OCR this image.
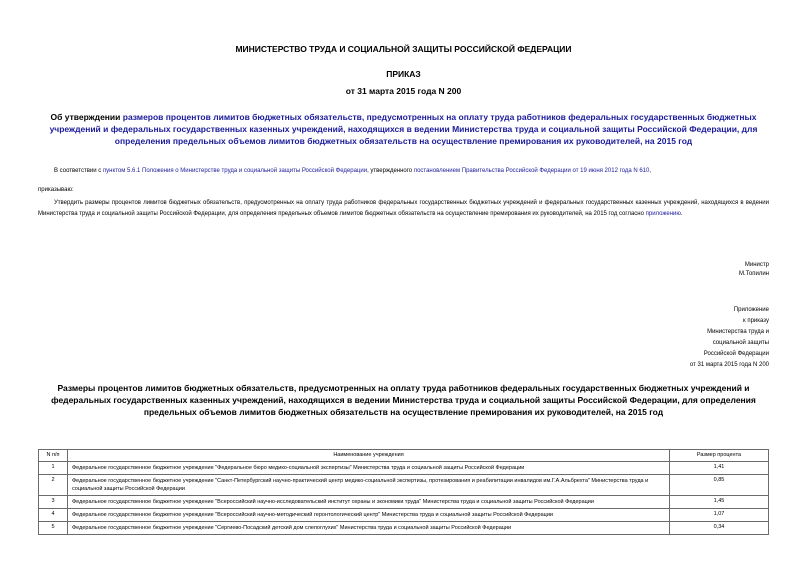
МИНИСТЕРСТВО ТРУДА И СОЦИАЛЬНОЙ ЗАЩИТЫ РОССИЙСКОЙ ФЕДЕРАЦИИ
ПРИКАЗ
от 31 марта 2015 года N 200
Об утверждении размеров процентов лимитов бюджетных обязательств, предусмотренных на оплату труда работников федеральных государственных бюджетных учреждений и федеральных государственных казенных учреждений, находящихся в ведении Министерства труда и социальной защиты Российской Федерации, для определения предельных объемов лимитов бюджетных обязательств на осуществление премирования их руководителей, на 2015 год
В соответствии с пунктом 5.6.1 Положения о Министерстве труда и социальной защиты Российской Федерации, утвержденного постановлением Правительства Российской Федерации от 19 июня 2012 года N 610,
приказываю:
Утвердить размеры процентов лимитов бюджетных обязательств, предусмотренных на оплату труда работников федеральных государственных бюджетных учреждений и федеральных государственных казенных учреждений, находящихся в ведении Министерства труда и социальной защиты Российской Федерации, для определения предельных объемов лимитов бюджетных обязательств на осуществление премирования их руководителей, на 2015 год согласно приложению.
Министр
М.Топилин
Приложение
к приказу
Министерства труда и
социальной защиты
Российской Федерации
от 31 марта 2015 года N 200
Размеры процентов лимитов бюджетных обязательств, предусмотренных на оплату труда работников федеральных государственных бюджетных учреждений и федеральных государственных казенных учреждений, находящихся в ведении Министерства труда и социальной защиты Российской Федерации, для определения предельных объемов лимитов бюджетных обязательств на осуществление премирования их руководителей, на 2015 год
N п/п	Наименование учреждения	Размер процента
1	Федеральное государственное бюджетное учреждение "Федеральное бюро медико-социальной экспертизы" Министерства труда и социальной защиты Российской Федерации	1,41
2	Федеральное государственное бюджетное учреждение "Санкт-Петербургский научно-практический центр медико-социальной экспертизы, протезирования и реабилитации инвалидов им.Г.А.Альбрехта" Министерства труда и социальной защиты Российской Федерации	0,85
3	Федеральное государственное бюджетное учреждение "Всероссийский научно-исследовательский институт охраны и экономики труда" Министерства труда и социальной защиты Российской Федерации	1,45
4	Федеральное государственное бюджетное учреждение "Всероссийский научно-методический геронтологический центр" Министерства труда и социальной защиты Российской Федерации	1,07
5	Федеральное государственное бюджетное учреждение "Сергиево-Посадский детский дом слепоглухих" Министерства труда и социальной защиты Российской Федерации	0,34
